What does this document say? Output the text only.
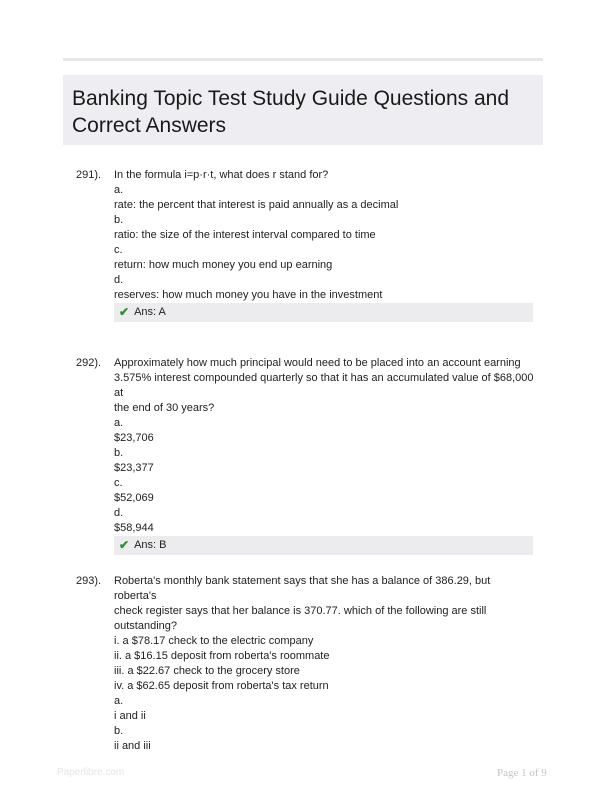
Banking Topic Test Study Guide Questions and Correct Answers
291). In the formula i=p·r·t, what does r stand for?
a.
rate: the percent that interest is paid annually as a decimal
b.
ratio: the size of the interest interval compared to time
c.
return: how much money you end up earning
d.
reserves: how much money you have in the investment
✔ Ans: A
292). Approximately how much principal would need to be placed into an account earning
3.575% interest compounded quarterly so that it has an accumulated value of $68,000 at
the end of 30 years?
a.
$23,706
b.
$23,377
c.
$52,069
d.
$58,944
✔ Ans: B
293). Roberta's monthly bank statement says that she has a balance of 386.29, but roberta's
check register says that her balance is 370.77. which of the following are still
outstanding?
i. a $78.17 check to the electric company
ii. a $16.15 deposit from roberta's roommate
iii. a $22.67 check to the grocery store
iv. a $62.65 deposit from roberta's tax return
a.
i and ii
b.
ii and iii
Paperlibre.com	Page 1 of 9
